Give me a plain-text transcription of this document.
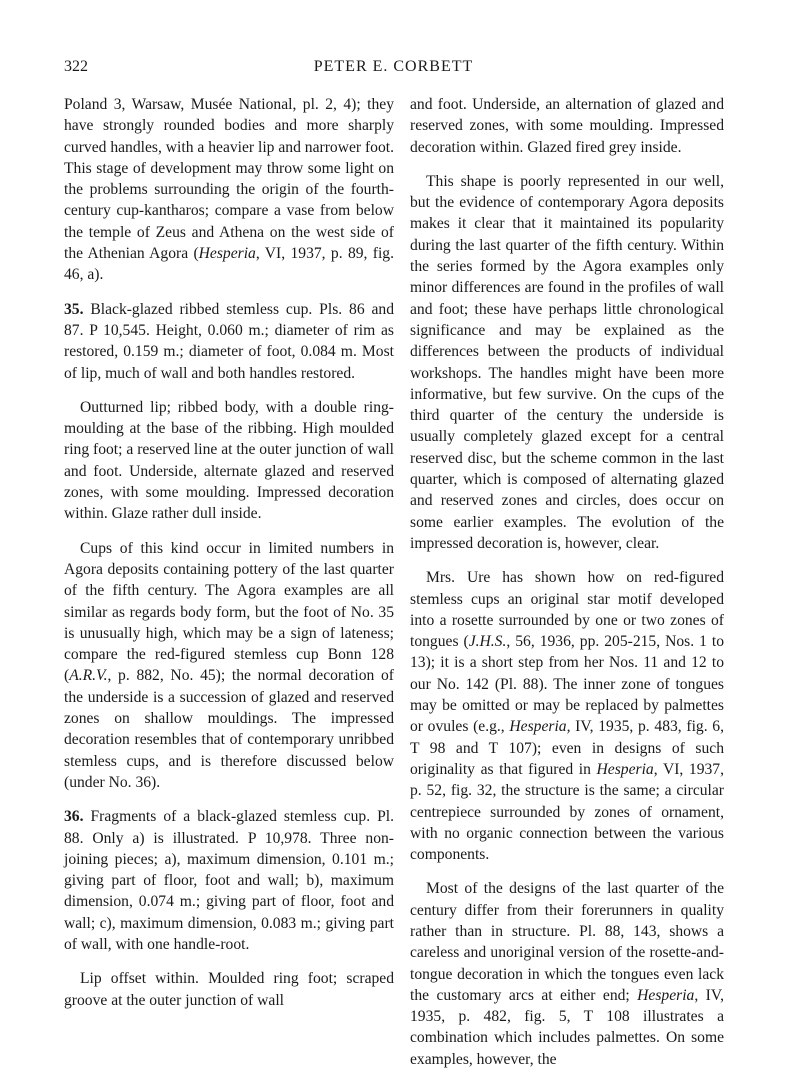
322	PETER E. CORBETT

Poland 3, Warsaw, Musée National, pl. 2, 4); they have strongly rounded bodies and more sharply curved handles, with a heavier lip and narrower foot. This stage of development may throw some light on the problems surrounding the origin of the fourth-century cup-kantharos; compare a vase from below the temple of Zeus and Athena on the west side of the Athenian Agora (Hesperia, VI, 1937, p. 89, fig. 46, a).

35. Black-glazed ribbed stemless cup. Pls. 86 and 87. P 10,545. Height, 0.060 m.; diameter of rim as restored, 0.159 m.; diameter of foot, 0.084 m. Most of lip, much of wall and both handles restored.

Outturned lip; ribbed body, with a double ring-moulding at the base of the ribbing. High moulded ring foot; a reserved line at the outer junction of wall and foot. Underside, alternate glazed and reserved zones, with some moulding. Impressed decoration within. Glaze rather dull inside.

Cups of this kind occur in limited numbers in Agora deposits containing pottery of the last quarter of the fifth century. The Agora examples are all similar as regards body form, but the foot of No. 35 is unusually high, which may be a sign of lateness; compare the red-figured stemless cup Bonn 128 (A.R.V., p. 882, No. 45); the normal decoration of the underside is a succession of glazed and reserved zones on shallow mouldings. The impressed decoration resembles that of contemporary unribbed stemless cups, and is therefore discussed below (under No. 36).

36. Fragments of a black-glazed stemless cup. Pl. 88. Only a) is illustrated. P 10,978. Three non-joining pieces; a), maximum dimension, 0.101 m.; giving part of floor, foot and wall; b), maximum dimension, 0.074 m.; giving part of floor, foot and wall; c), maximum dimension, 0.083 m.; giving part of wall, with one handle-root.

Lip offset within. Moulded ring foot; scraped groove at the outer junction of wall

and foot. Underside, an alternation of glazed and reserved zones, with some moulding. Impressed decoration within. Glazed fired grey inside.

This shape is poorly represented in our well, but the evidence of contemporary Agora deposits makes it clear that it maintained its popularity during the last quarter of the fifth century. Within the series formed by the Agora examples only minor differences are found in the profiles of wall and foot; these have perhaps little chronological significance and may be explained as the differences between the products of individual workshops. The handles might have been more informative, but few survive. On the cups of the third quarter of the century the underside is usually completely glazed except for a central reserved disc, but the scheme common in the last quarter, which is composed of alternating glazed and reserved zones and circles, does occur on some earlier examples. The evolution of the impressed decoration is, however, clear.

Mrs. Ure has shown how on red-figured stemless cups an original star motif developed into a rosette surrounded by one or two zones of tongues (J.H.S., 56, 1936, pp. 205-215, Nos. 1 to 13); it is a short step from her Nos. 11 and 12 to our No. 142 (Pl. 88). The inner zone of tongues may be omitted or may be replaced by palmettes or ovules (e.g., Hesperia, IV, 1935, p. 483, fig. 6, T 98 and T 107); even in designs of such originality as that figured in Hesperia, VI, 1937, p. 52, fig. 32, the structure is the same; a circular centrepiece surrounded by zones of ornament, with no organic connection between the various components.

Most of the designs of the last quarter of the century differ from their forerunners in quality rather than in structure. Pl. 88, 143, shows a careless and unoriginal version of the rosette-and-tongue decoration in which the tongues even lack the customary arcs at either end; Hesperia, IV, 1935, p. 482, fig. 5, T 108 illustrates a combination which includes palmettes. On some examples, however, the
